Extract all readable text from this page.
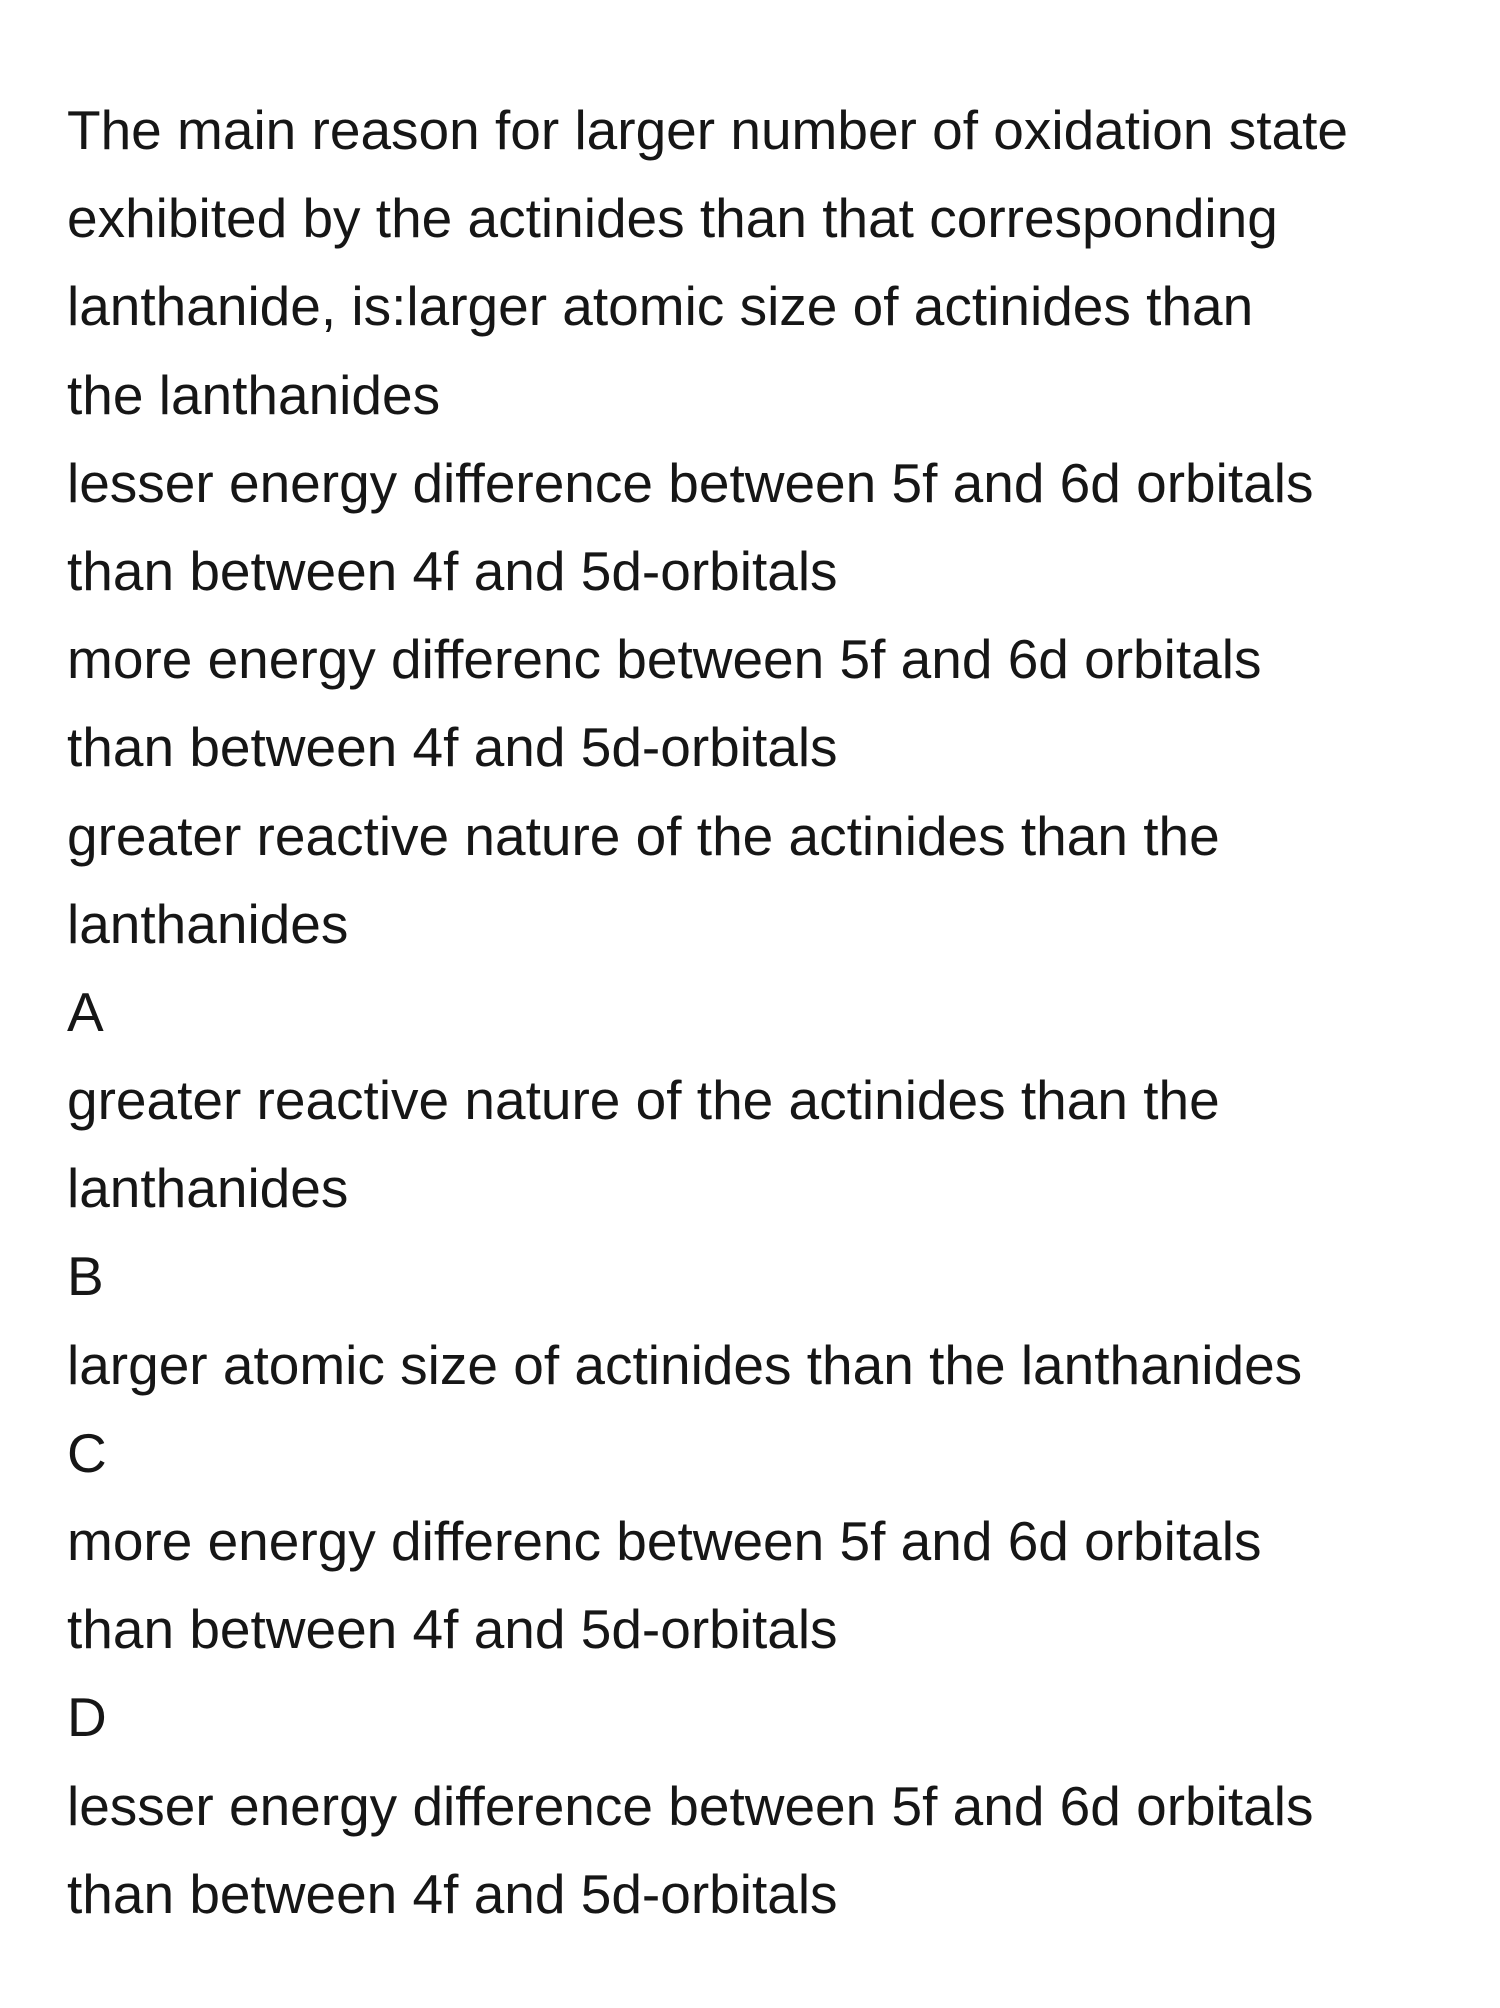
The main reason for larger number of oxidation state
exhibited by the actinides than that corresponding
lanthanide, is:larger atomic size of actinides than
the lanthanides
lesser energy difference between 5f and 6d orbitals
than between 4f and 5d-orbitals
more energy differenc between 5f and 6d orbitals
than between 4f and 5d-orbitals
greater reactive nature of the actinides than the
lanthanides
A
greater reactive nature of the actinides than the
lanthanides
B
larger atomic size of actinides than the lanthanides
C
more energy differenc between 5f and 6d orbitals
than between 4f and 5d-orbitals
D
lesser energy difference between 5f and 6d orbitals
than between 4f and 5d-orbitals
